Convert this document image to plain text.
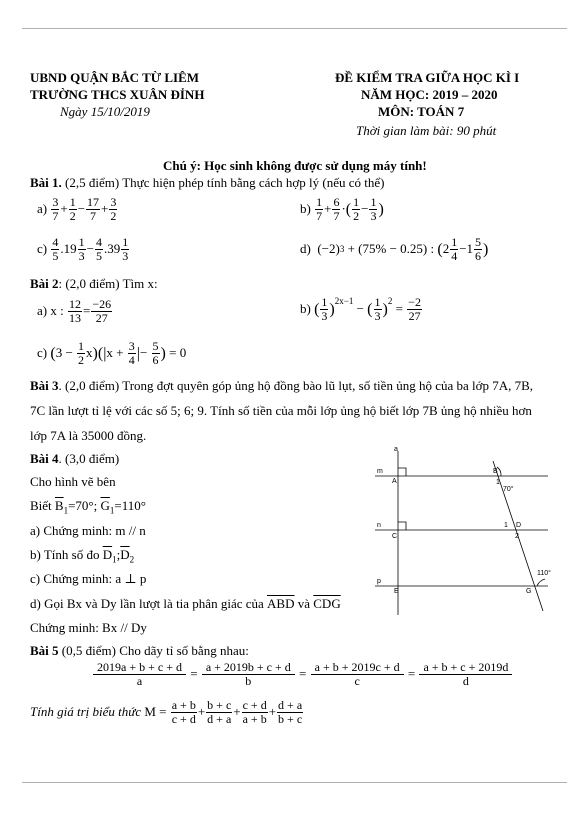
UBND QUẬN BẮC TỪ LIÊM
TRƯỜNG THCS XUÂN ĐỈNH
Ngày 15/10/2019
ĐỀ KIỂM TRA GIỮA HỌC KÌ I
NĂM HỌC: 2019 – 2020
MÔN: TOÁN 7
Thời gian làm bài: 90 phút
Chú ý: Học sinh không được sử dụng máy tính!
Bài 1. (2,5 điểm) Thực hiện phép tính bằng cách hợp lý (nếu có thể)
a)
$\frac{3}{7} + \frac{1}{2} - \frac{17}{7} + \frac{3}{2}$	b)
$\frac{1}{7} + \frac{6}{7}$ · ( $\frac{1}{2} - \frac{1}{3}$ )
c)
$\frac{4}{5} .19 \frac{1}{3} - \frac{4}{5} .39 \frac{1}{3}$	d) (−2) 3 + (75% − 0.25) : ( $2 \frac{1}{4} -1 \frac{5}{6}$ )
Bài 2: (2,0 điểm) Tìm x:
a) x : $\frac{12}{13} = \frac{-26}{27}$	b)
( $\frac{1}{3} )^{2x-1}$
− ( $\frac{1}{3} )^2$
= $\frac{-2}{27}$
c)
( $3 - \frac{1}{2}$ x ) ( | $x + \frac{3}{4}$ | − $\frac{5}{6}$ ) = 0
Bài 3. (2,0 điểm) Trong đợt quyên góp ủng hộ đồng bào lũ lụt, số tiền ủng hộ của ba lớp 7A, 7B,
7C lần lượt tỉ lệ với các số 5; 6; 9. Tính số tiền của mỗi lớp ủng hộ biết lớp 7B ủng hộ nhiều hơn
lớp 7A là 35000 đồng.
Bài 4. (3,0 điểm)
Cho hình vẽ bên
Biết $\overline{B}_1=70^\circ$; $\overline{G}_1=110^\circ$
a) Chứng minh: m // n
b) Tính số đo $\overline{D}_1;\overline{D}_2$
c) Chứng minh: a ⊥ p
d) Gọi Bx và Dy lần lượt là tia phân giác của $\overline{ABD}$ và $\overline{CDG}$
Chứng minh: Bx // Dy
a
m
n
p
A
B
C
D
E	G
1
1
2
70°
110°
Bài 5 (0,5 điểm) Cho dãy tỉ số bằng nhau:
$\frac{2019a + b + c + d}{a} = \frac{a + 2019b + c + d}{b} = \frac{a + b + 2019c + d}{c} = \frac{a + b + c + 2019d}{d}$
Tính giá trị biểu thức
M =
$\frac{a + b}{c + d} + \frac{b + c}{d + a} + \frac{c + d}{a + b} + \frac{d + a}{b + c}$
